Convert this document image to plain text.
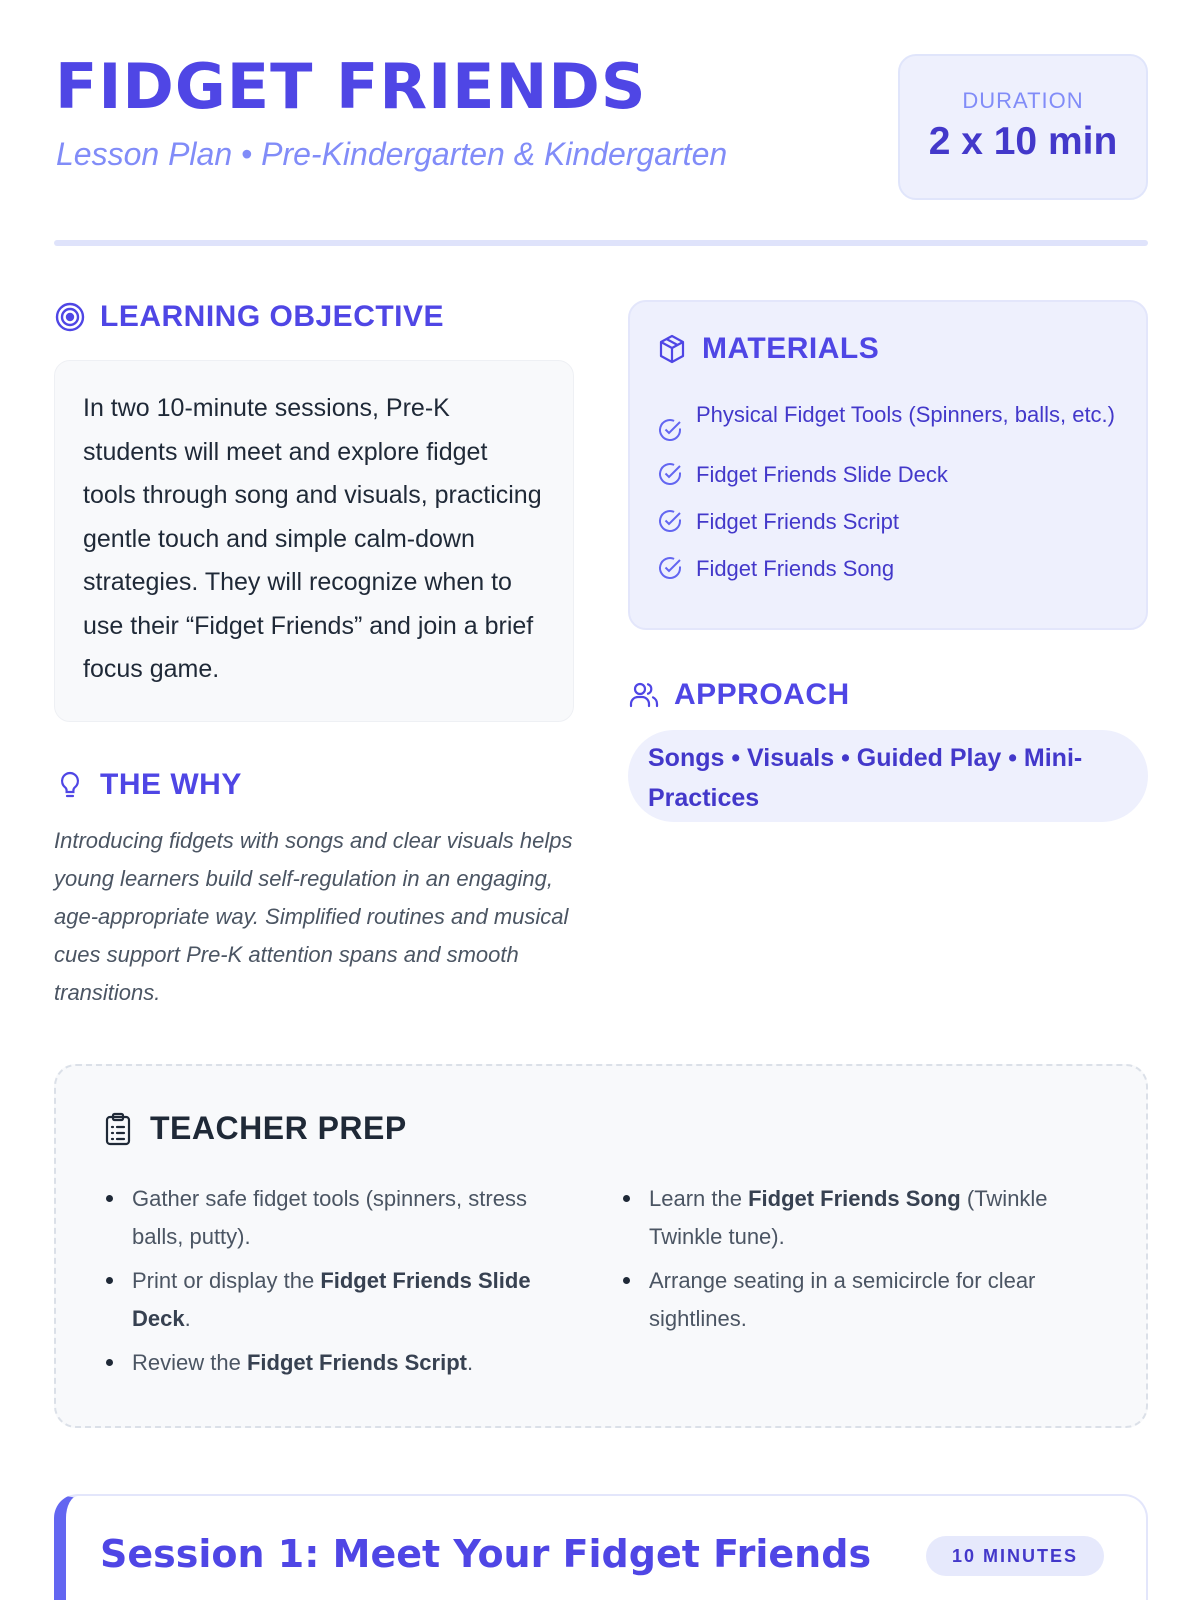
FIDGET FRIENDS
Lesson Plan • Pre-Kindergarten & Kindergarten
DURATION
2 x 10 min
LEARNING OBJECTIVE

In two 10-minute sessions, Pre-K students will meet and explore fidget tools through song and visuals, practicing gentle touch and simple calm-down strategies. They will recognize when to use their “Fidget Friends” and join a brief focus game.

THE WHY

Introducing fidgets with songs and clear visuals helps young learners build self-regulation in an engaging, age-appropriate way. Simplified routines and musical cues support Pre-K attention spans and smooth transitions.

MATERIALS
Physical Fidget Tools (Spinners, balls, etc.)
Fidget Friends Slide Deck
Fidget Friends Script
Fidget Friends Song
APPROACH
Songs • Visuals • Guided Play • Mini-Practices
TEACHER PREP
Gather safe fidget tools (spinners, stress balls, putty).
Print or display the Fidget Friends Slide Deck.
Review the Fidget Friends Script.
Learn the Fidget Friends Song (Twinkle Twinkle tune).
Arrange seating in a semicircle for clear sightlines.
Session 1: Meet Your Fidget Friends	10 MINUTES
